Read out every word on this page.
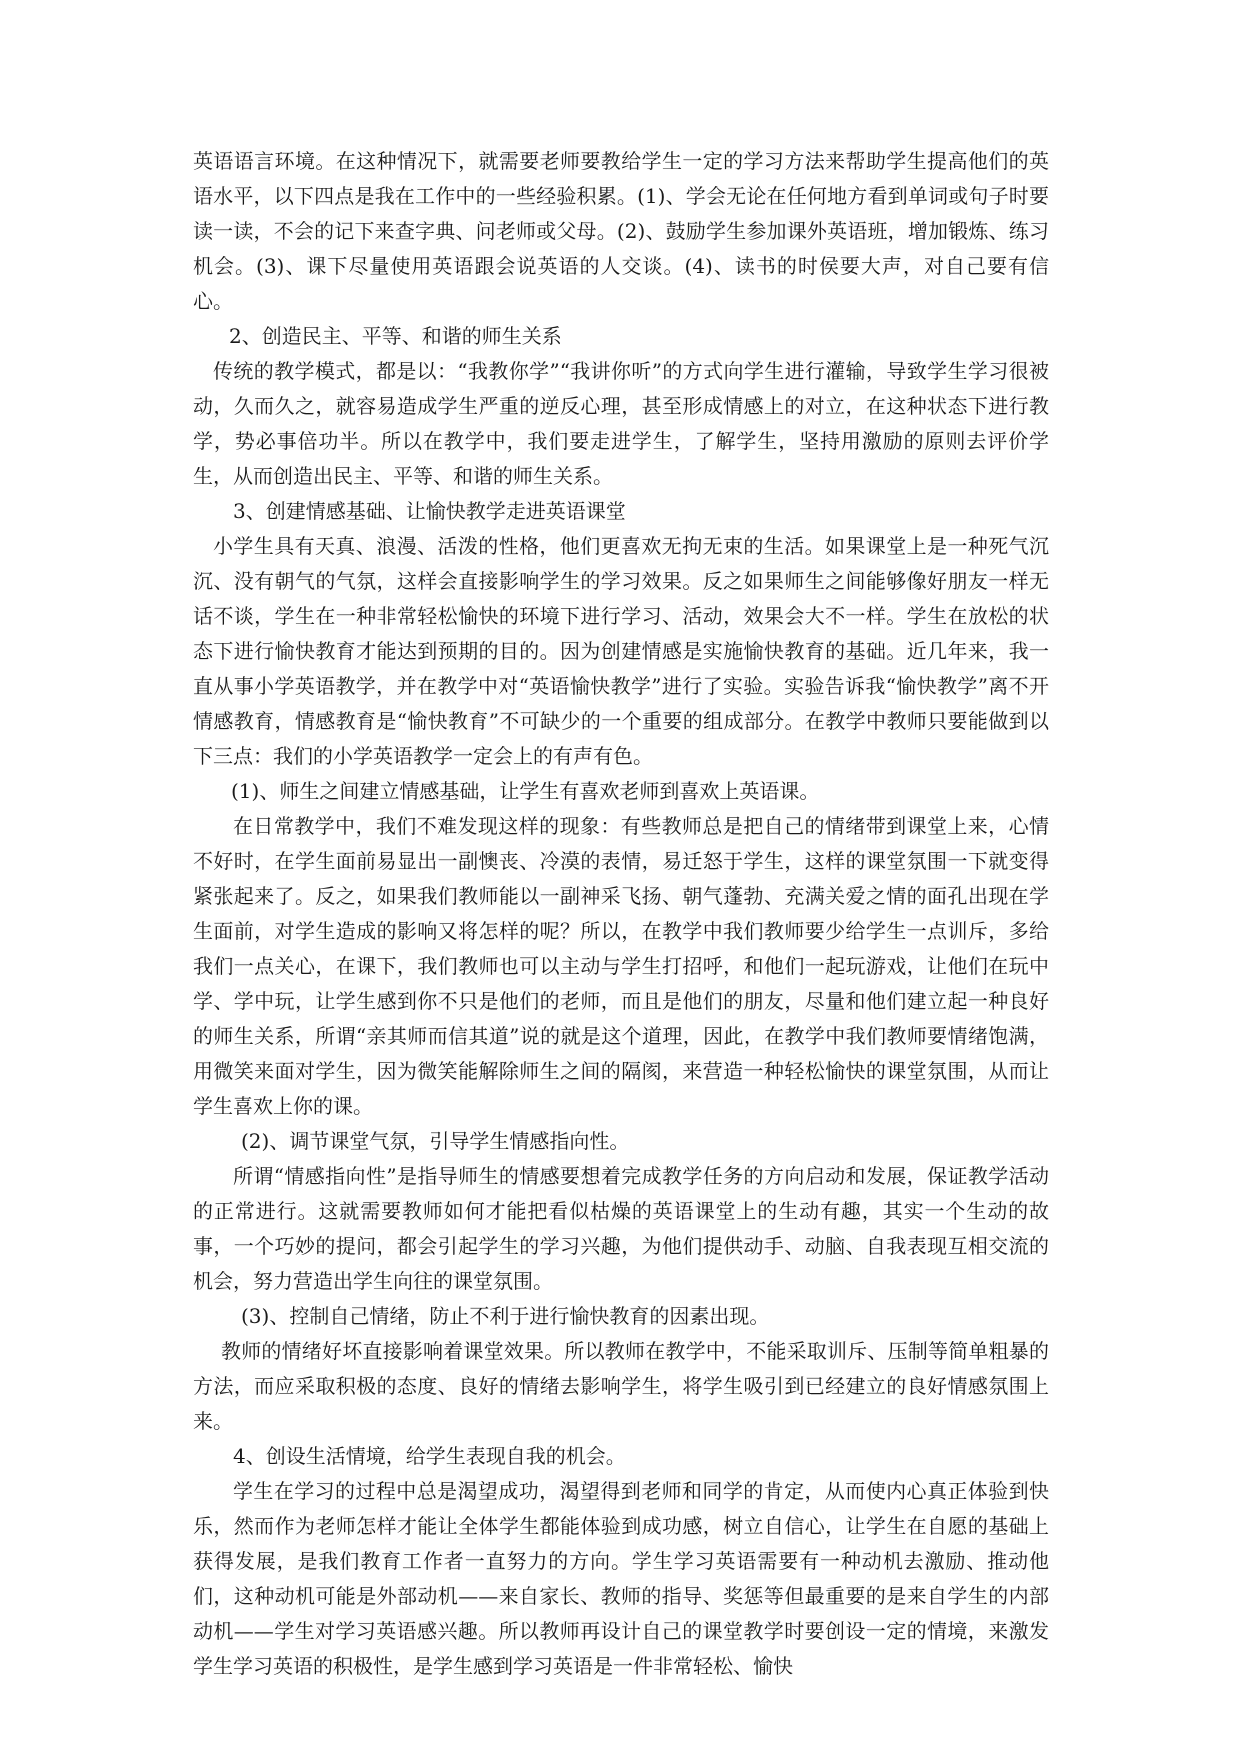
英语语言环境。在这种情况下，就需要老师要教给学生一定的学习方法来帮助学生提高他们的英语水平，以下四点是我在工作中的一些经验积累。(1)、学会无论在任何地方看到单词或句子时要读一读，不会的记下来查字典、问老师或父母。(2)、鼓励学生参加课外英语班，增加锻炼、练习机会。(3)、课下尽量使用英语跟会说英语的人交谈。(4)、读书的时侯要大声，对自己要有信心。

2、创造民主、平等、和谐的师生关系

传统的教学模式，都是以：“我教你学”“我讲你听”的方式向学生进行灌输，导致学生学习很被动，久而久之，就容易造成学生严重的逆反心理，甚至形成情感上的对立，在这种状态下进行教学，势必事倍功半。所以在教学中，我们要走进学生，了解学生，坚持用激励的原则去评价学生，从而创造出民主、平等、和谐的师生关系。

3、创建情感基础、让愉快教学走进英语课堂

小学生具有天真、浪漫、活泼的性格，他们更喜欢无拘无束的生活。如果课堂上是一种死气沉沉、没有朝气的气氛，这样会直接影响学生的学习效果。反之如果师生之间能够像好朋友一样无话不谈，学生在一种非常轻松愉快的环境下进行学习、活动，效果会大不一样。学生在放松的状态下进行愉快教育才能达到预期的目的。因为创建情感是实施愉快教育的基础。近几年来，我一直从事小学英语教学，并在教学中对“英语愉快教学”进行了实验。实验告诉我“愉快教学”离不开情感教育，情感教育是“愉快教育”不可缺少的一个重要的组成部分。在教学中教师只要能做到以下三点：我们的小学英语教学一定会上的有声有色。

(1)、师生之间建立情感基础，让学生有喜欢老师到喜欢上英语课。

在日常教学中，我们不难发现这样的现象：有些教师总是把自己的情绪带到课堂上来，心情不好时，在学生面前易显出一副懊丧、冷漠的表情，易迁怒于学生，这样的课堂氛围一下就变得紧张起来了。反之，如果我们教师能以一副神采飞扬、朝气蓬勃、充满关爱之情的面孔出现在学生面前，对学生造成的影响又将怎样的呢？所以，在教学中我们教师要少给学生一点训斥，多给我们一点关心，在课下，我们教师也可以主动与学生打招呼，和他们一起玩游戏，让他们在玩中学、学中玩，让学生感到你不只是他们的老师，而且是他们的朋友，尽量和他们建立起一种良好的师生关系，所谓“亲其师而信其道”说的就是这个道理，因此，在教学中我们教师要情绪饱满，用微笑来面对学生，因为微笑能解除师生之间的隔阂，来营造一种轻松愉快的课堂氛围，从而让学生喜欢上你的课。

(2)、调节课堂气氛，引导学生情感指向性。

所谓“情感指向性”是指导师生的情感要想着完成教学任务的方向启动和发展，保证教学活动的正常进行。这就需要教师如何才能把看似枯燥的英语课堂上的生动有趣，其实一个生动的故事，一个巧妙的提问，都会引起学生的学习兴趣，为他们提供动手、动脑、自我表现互相交流的机会，努力营造出学生向往的课堂氛围。

(3)、控制自己情绪，防止不利于进行愉快教育的因素出现。

教师的情绪好坏直接影响着课堂效果。所以教师在教学中，不能采取训斥、压制等简单粗暴的方法，而应采取积极的态度、良好的情绪去影响学生，将学生吸引到已经建立的良好情感氛围上来。

4、创设生活情境，给学生表现自我的机会。

学生在学习的过程中总是渴望成功，渴望得到老师和同学的肯定，从而使内心真正体验到快乐，然而作为老师怎样才能让全体学生都能体验到成功感，树立自信心，让学生在自愿的基础上获得发展，是我们教育工作者一直努力的方向。学生学习英语需要有一种动机去激励、推动他们，这种动机可能是外部动机——来自家长、教师的指导、奖惩等但最重要的是来自学生的内部动机——学生对学习英语感兴趣。所以教师再设计自己的课堂教学时要创设一定的情境，来激发学生学习英语的积极性，是学生感到学习英语是一件非常轻松、愉快
